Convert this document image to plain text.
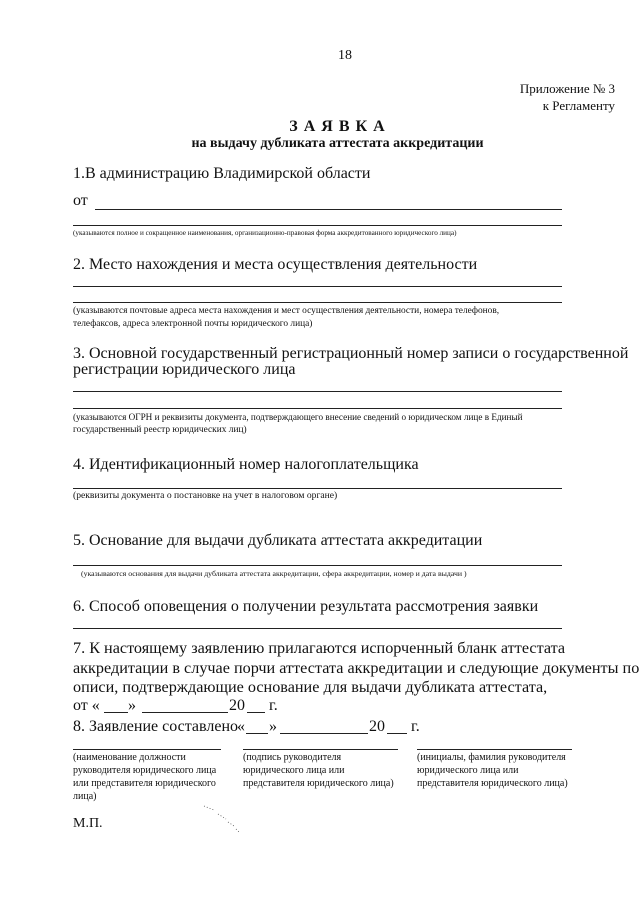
18
Приложение № 3
к Регламенту
З А Я В К А
на выдачу дубликата аттестата аккредитации
1.В администрацию Владимирской области
от
(указываются полное и сокращенное наименования, организационно-правовая форма аккредитованного юридического лица)
2. Место нахождения и места осуществления деятельности
(указываются почтовые адреса места нахождения и мест осуществления деятельности, номера телефонов,
телефаксов, адреса электронной почты юридического лица)
3. Основной государственный регистрационный номер записи о государственной
регистрации юридического лица
(указываются ОГРН и реквизиты документа, подтверждающего внесение сведений о юридическом лице в Единый
государственный реестр юридических лиц)
4. Идентификационный номер налогоплательщика
(реквизиты документа о постановке на учет в налоговом органе)
5. Основание для выдачи дубликата аттестата аккредитации
(указываются основания для выдачи дубликата аттестата аккредитации, сфера аккредитации, номер и дата выдачи )
6. Способ оповещения о получении результата рассмотрения заявки
7. К настоящему заявлению прилагаются испорченный бланк аттестата
аккредитации в случае порчи аттестата аккредитации и следующие документы по
описи, подтверждающие основание для выдачи дубликата аттестата,
от « »	20 г.
8. Заявление составлено
« »	20 г.
(наименование должности руководителя юридического лица или представителя юридического лица)
(подпись руководителя юридического лица или представителя юридического лица)
(инициалы, фамилия руководителя юридического лица или представителя юридического лица)
М.П.
